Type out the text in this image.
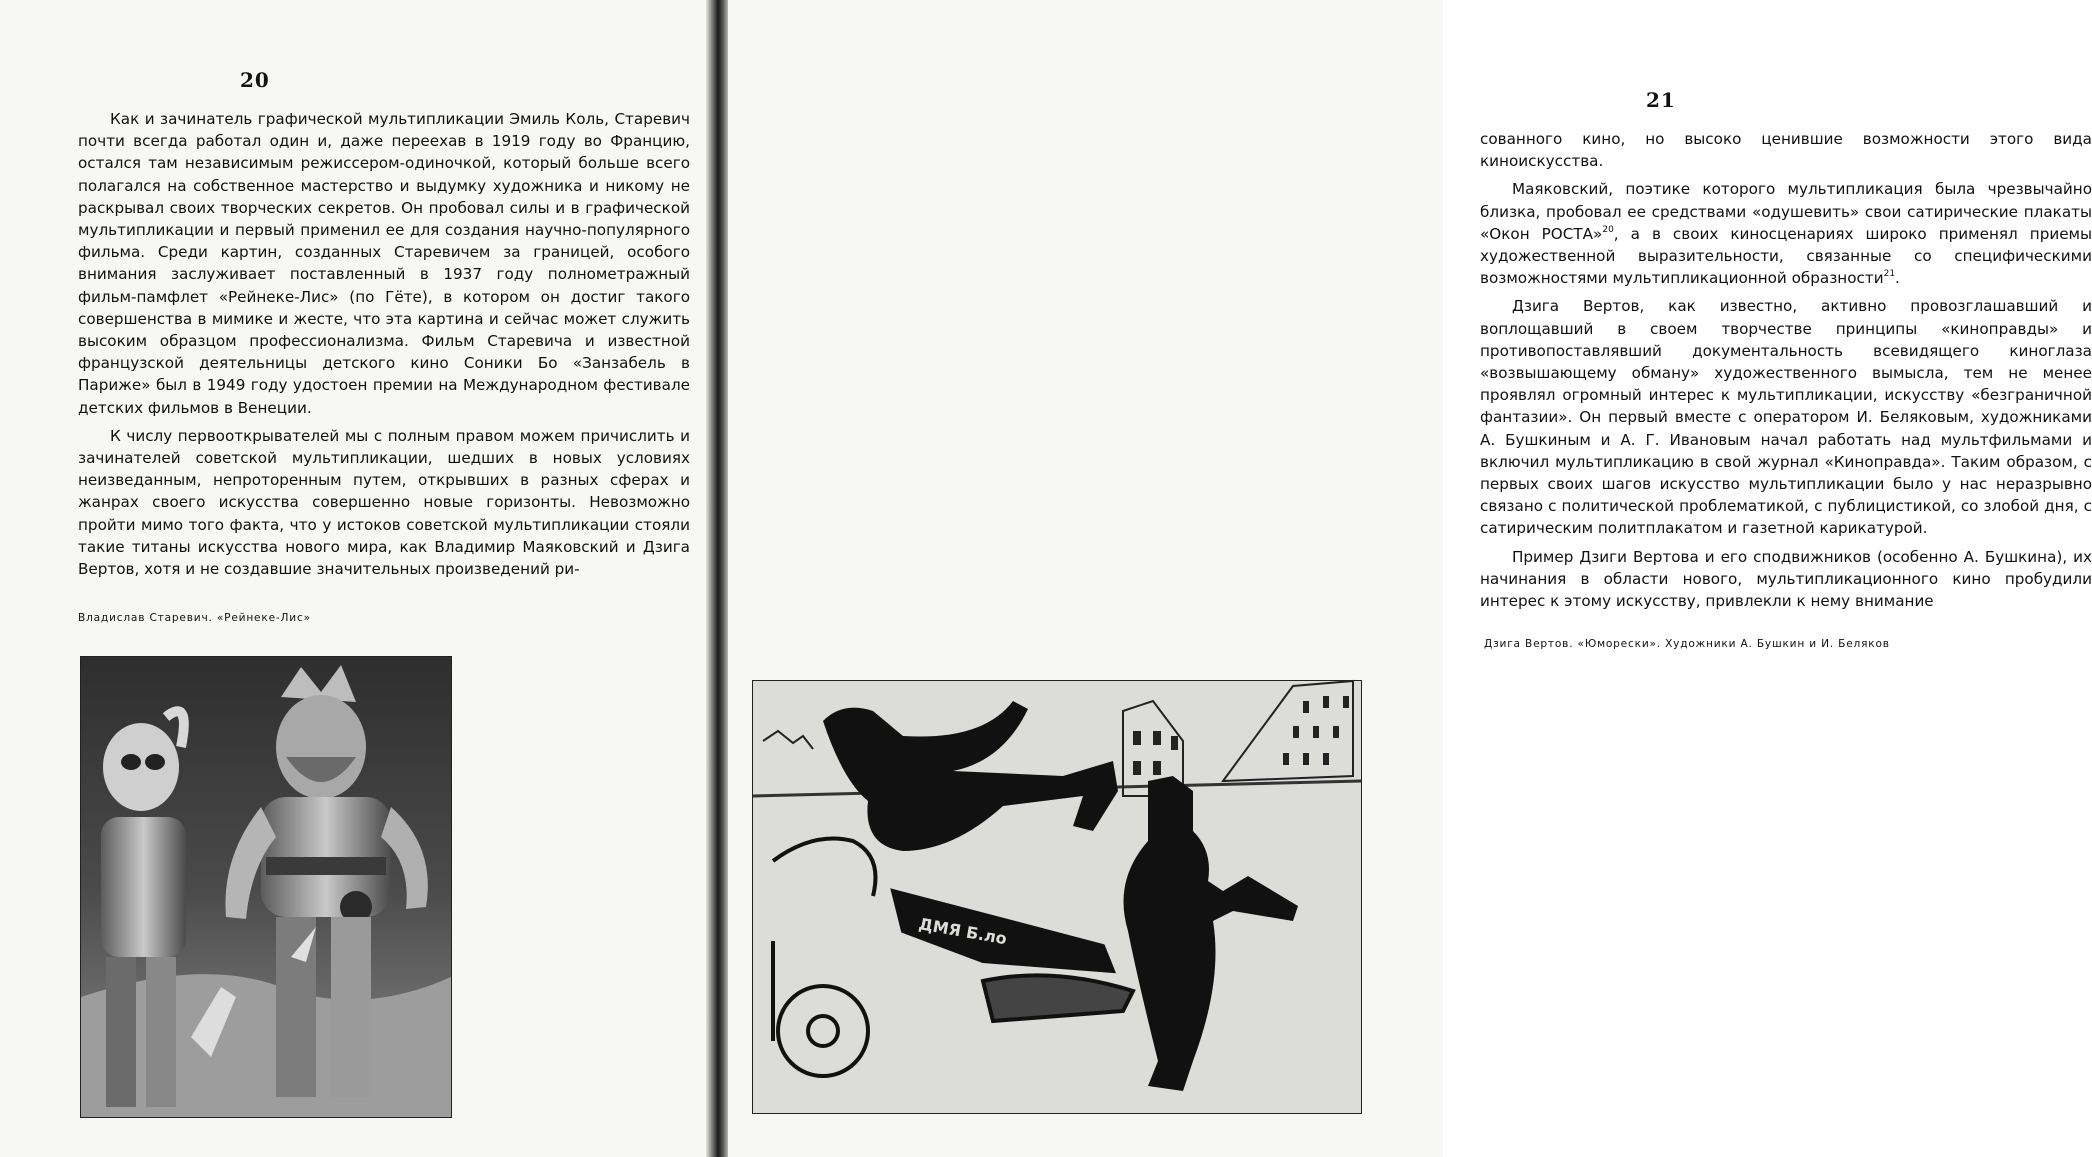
20

Как и зачинатель графической мультипликации Эмиль Коль, Старевич почти всегда работал один и, даже переехав в 1919 году во Францию, остался там независимым режиссером-одиночкой, который больше всего полагался на собственное мастерство и выдумку художника и никому не раскрывал своих творческих секретов. Он пробовал силы и в графической мультипликации и первый применил ее для создания научно-популярного фильма. Среди картин, созданных Старевичем за границей, особого внимания заслуживает поставленный в 1937 году полнометражный фильм-памфлет «Рейнеке-Лис» (по Гёте), в котором он достиг такого совершенства в мимике и жесте, что эта картина и сейчас может служить высоким образцом профессионализма. Фильм Старевича и известной французской деятельницы детского кино Соники Бо «Занзабель в Париже» был в 1949 году удостоен премии на Международном фестивале детских фильмов в Венеции.

К числу первооткрывателей мы с полным правом можем причислить и зачинателей советской мультипликации, шедших в новых условиях неизведанным, непроторенным путем, открывших в разных сферах и жанрах своего искусства совершенно новые горизонты. Невозможно пройти мимо того факта, что у истоков советской мультипликации стояли такие титаны искусства нового мира, как Владимир Маяковский и Дзига Вертов, хотя и не создавшие значительных произведений ри-

Владислав Старевич. «Рейнеке-Лис»
21

сованного кино, но высоко ценившие возможности этого вида киноискусства.

Маяковский, поэтике которого мультипликация была чрезвычайно близка, пробовал ее средствами «одушевить» свои сатирические плакаты «Окон РОСТА»$^{20}$, а в своих киносценариях широко применял приемы художественной выразительности, связанные со специфическими возможностями мультипликационной образности$^{21}$.

Дзига Вертов, как известно, активно провозглашавший и воплощавший в своем творчестве принципы «киноправды» и противопоставлявший документальность всевидящего киноглаза «возвышающему обману» художественного вымысла, тем не менее проявлял огромный интерес к мультипликации, искусству «безграничной фантазии». Он первый вместе с оператором И. Беляковым, художниками А. Бушкиным и А. Г. Ивановым начал работать над мультфильмами и включил мультипликацию в свой журнал «Киноправда». Таким образом, с первых своих шагов искусство мультипликации было у нас неразрывно связано с политической проблематикой, с публицистикой, со злобой дня, с сатирическим политплакатом и газетной карикатурой.

Пример Дзиги Вертова и его сподвижников (особенно А. Бушкина), их начинания в области нового, мультипликационного кино пробудили интерес к этому искусству, привлекли к нему внимание

Дзига Вертов. «Юморески». Художники А. Бушкин и И. Беляков
ДМЯ Б.ло
